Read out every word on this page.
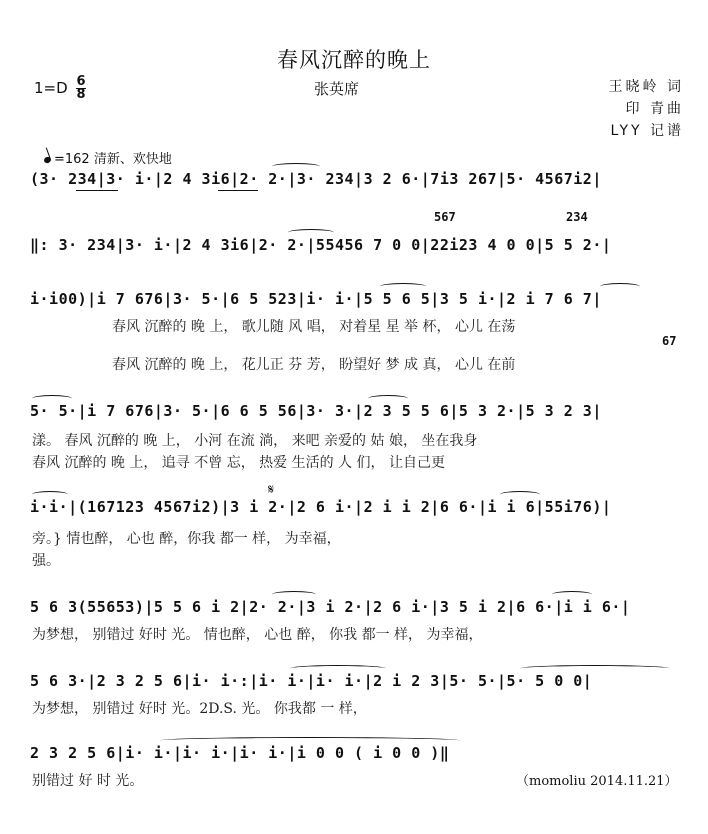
春风沉醉的晚上
$1=D \frac{6}{8}$	张英席	王晓岭 词
印 青曲
LYY 记谱
=162 清新、欢快地
(3· 234|3· i·|2 4 3i6|2· 2·|3· 234|3 2 6·|7i3 267|5· 4567i2|
567	234
‖: 3· 234|3· i·|2 4 3i6|2· 2·|55456 7 0 0|22i23 4 0 0|5 5 2·|
i·i00)|i 7 676|3· 5·|6 5 523|i· i·|5 5 6 5|3 5 i·|2 i 7 6 7|
67
春风 沉醉的 晚 上， 歌儿随 风 唱， 对着星 星 举 杯， 心儿 在荡
春风 沉醉的 晚 上， 花儿正 芬 芳， 盼望好 梦 成 真， 心儿 在前
5· 5·|i 7 676|3· 5·|6 6 5 56|3· 3·|2 3 5 5 6|5 3 2·|5 3 2 3|
漾。 春风 沉醉的 晚 上， 小河 在流 淌， 来吧 亲爱的 姑 娘， 坐在我身
春风 沉醉的 晚 上， 追寻 不曾 忘， 热爱 生活的 人 们， 让自己更
𝄋
i·i·|(167123 4567i2)|3 i 2·|2 6 i·|2 i i 2|6 6·|i i 6|55i76)|
旁。} 情也醉， 心也 醉，你我 都一 样， 为幸福，
强。
5 6 3(55653)|5 5 6 i 2|2· 2·|3 i 2·|2 6 i·|3 5 i 2|6 6·|i i 6·|
为梦想， 别错过 好时 光。 情也醉， 心也 醉， 你我 都一 样， 为幸福，
5 6 3·|2 3 2 5 6|i· i·:|i· i·|i· i·|2 i 2 3|5· 5·|5· 5 0 0|
为梦想， 别错过 好时 光。2D.S. 光。 你我都 一 样，
2 3 2 5 6|i· i·|i· i·|i· i·|i 0 0 ( i 0 0 )‖
别错过 好 时 光。	（momoliu 2014.11.21）
